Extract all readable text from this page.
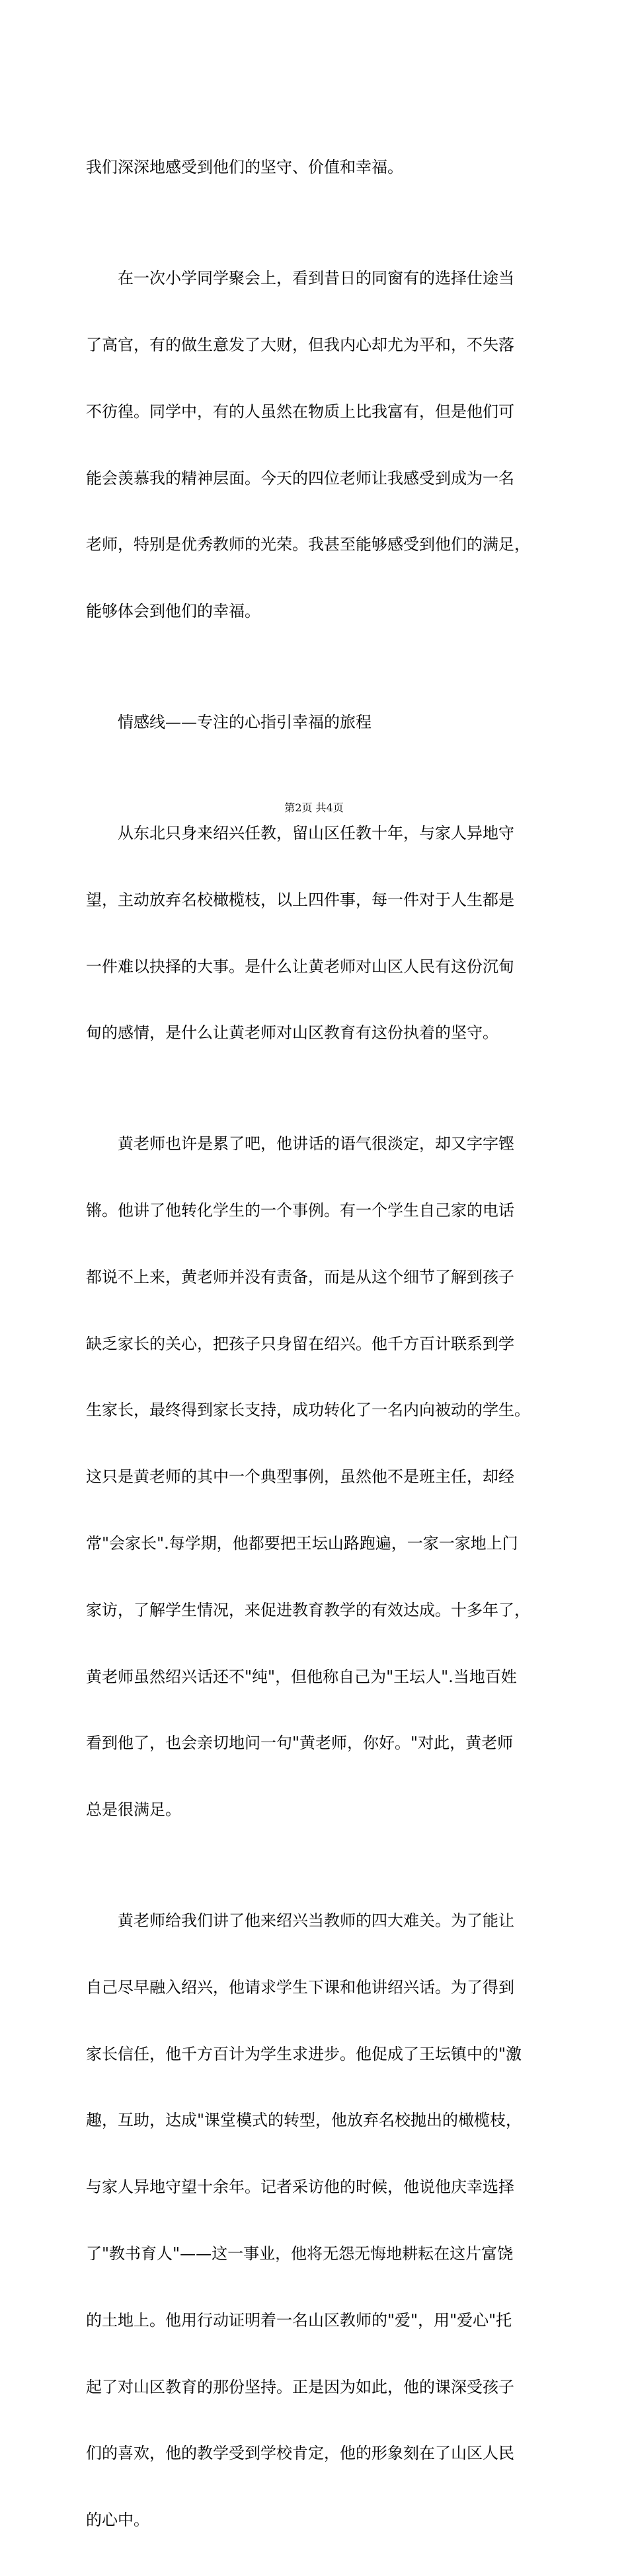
我们深深地感受到他们的坚守、价值和幸福。

在一次小学同学聚会上，看到昔日的同窗有的选择仕途当

了高官，有的做生意发了大财，但我内心却尤为平和，不失落

不彷徨。同学中，有的人虽然在物质上比我富有，但是他们可

能会羡慕我的精神层面。今天的四位老师让我感受到成为一名

老师，特别是优秀教师的光荣。我甚至能够感受到他们的满足，

能够体会到他们的幸福。

情感线——专注的心指引幸福的旅程

从东北只身来绍兴任教，留山区任教十年，与家人异地守

望，主动放弃名校橄榄枝，以上四件事，每一件对于人生都是

一件难以抉择的大事。是什么让黄老师对山区人民有这份沉甸

甸的感情，是什么让黄老师对山区教育有这份执着的坚守。

黄老师也许是累了吧，他讲话的语气很淡定，却又字字铿

锵。他讲了他转化学生的一个事例。有一个学生自己家的电话

都说不上来，黄老师并没有责备，而是从这个细节了解到孩子

缺乏家长的关心，把孩子只身留在绍兴。他千方百计联系到学

生家长，最终得到家长支持，成功转化了一名内向被动的学生。

这只是黄老师的其中一个典型事例，虽然他不是班主任，却经

常"会家长".每学期，他都要把王坛山路跑遍，一家一家地上门

家访，了解学生情况，来促进教育教学的有效达成。十多年了，

黄老师虽然绍兴话还不"纯"，但他称自己为"王坛人".当地百姓

看到他了，也会亲切地问一句"黄老师，你好。"对此，黄老师

总是很满足。

黄老师给我们讲了他来绍兴当教师的四大难关。为了能让

自己尽早融入绍兴，他请求学生下课和他讲绍兴话。为了得到

家长信任，他千方百计为学生求进步。他促成了王坛镇中的"激

趣，互助，达成"课堂模式的转型，他放弃名校抛出的橄榄枝，

与家人异地守望十余年。记者采访他的时候，他说他庆幸选择

了"教书育人"——这一事业，他将无怨无悔地耕耘在这片富饶

的土地上。他用行动证明着一名山区教师的"爱"，用"爱心"托

起了对山区教育的那份坚持。正是因为如此，他的课深受孩子

们的喜欢，他的教学受到学校肯定，他的形象刻在了山区人民

的心中。

第2页 共4页
